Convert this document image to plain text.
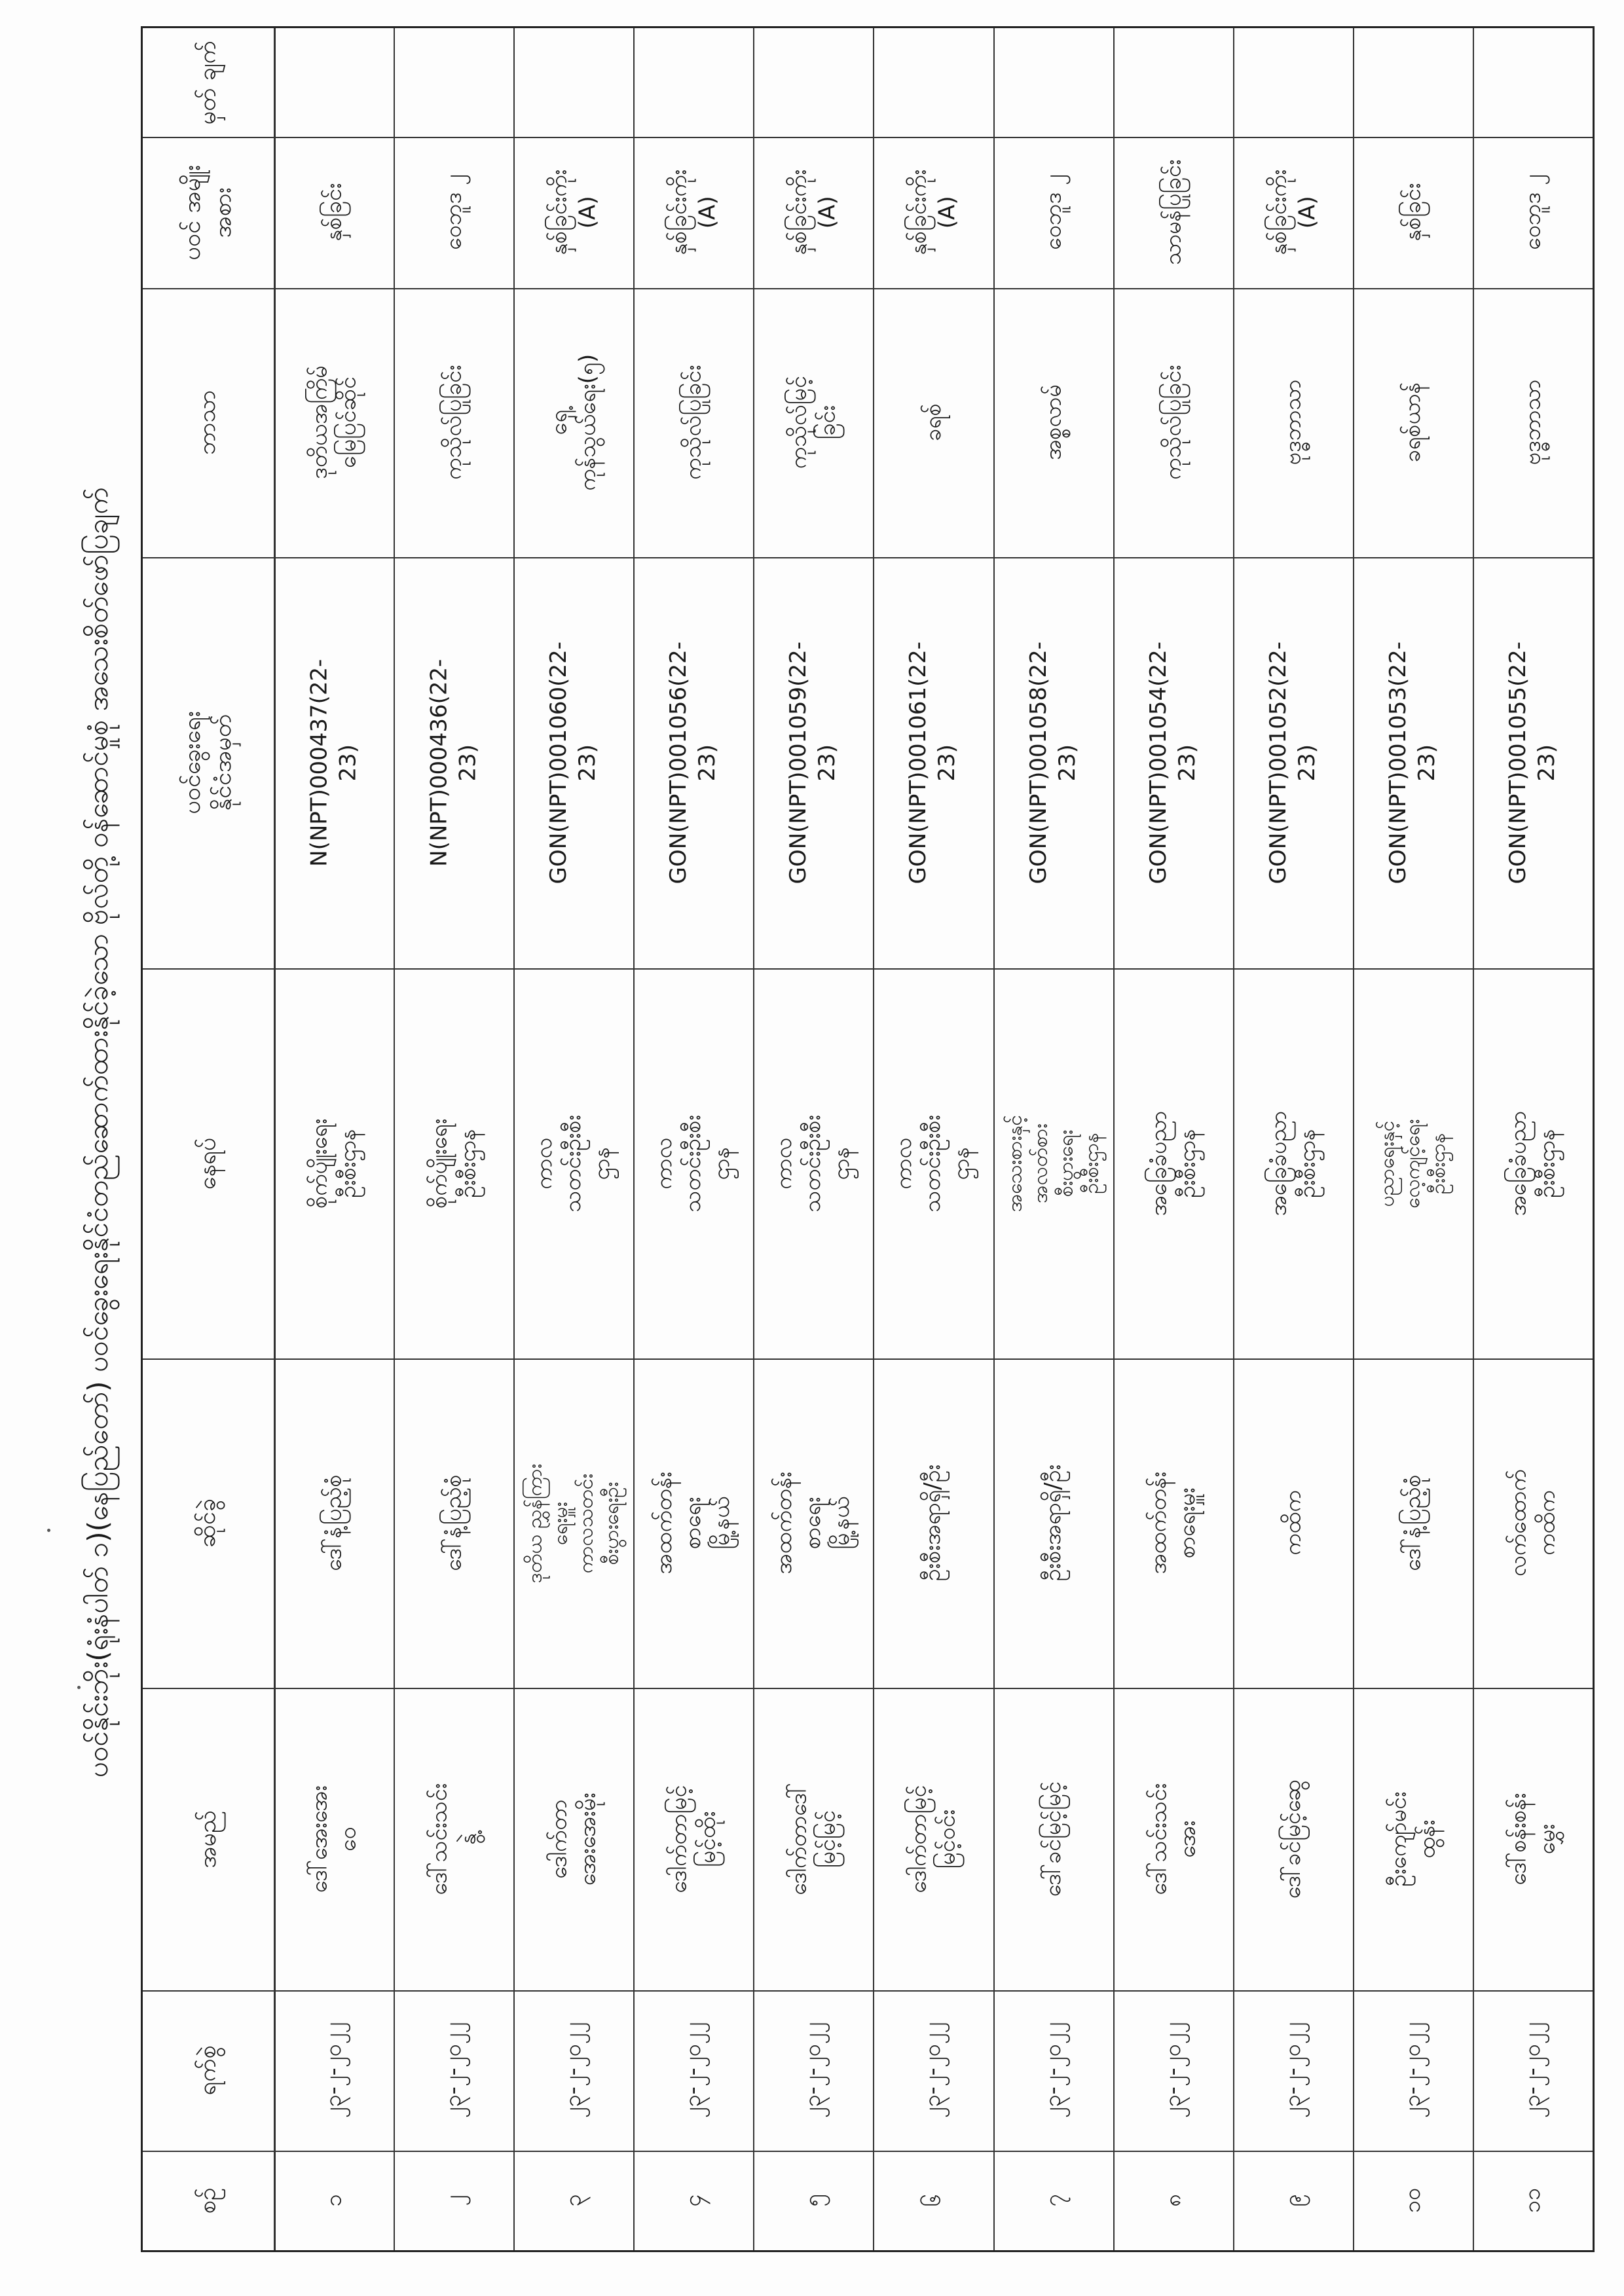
ပဝင်နိုင်းဘိုး(ရုံးနံပါတ် ၁)(နေပြည်တော်) ပဝင်ခွေးရေးနိုင်ငံတည်ဆောက်ထားနိုင်ခဲ့သော ဗိုလ်တို့ ဝန်ဆောင်မှုစုံ အသေးစိတ်ဖော်ပြချက်
မှတ် ချက်
ပဝင် အမျိုးအစား
ဘာသာ
ပဝင်ခွေးရေးနိုင်ငံအမှတ်
နေရပ်
ဆိုင်ခွဲ
အမည်
ရက်စွဲ
စဉ်
နှစ်ခြင်း
ဒုတိယအကြိမ်
မြေပြင်ဆိုင်
N(NPT)000437(22-23)
စိုက်ပျိုးရေးဦးစီးဌာန
ဒေါ်နံ့ပြည့်စုံ
ဒေါ်အေးအေးဝေ
၂၃-၂-၂၀၂၂
၁
ဝေဘူဒ ၂
ကုသိုလ်ပြုခြင်း
N(NPT)000436(22-23)
စိုက်ပျိုးရေးဦးစီးဌာန
ဒေါ်နံ့ပြည့်စုံ
ဒေါ်သင်းသင်းနွဲ့
၂၃-၂-၂၀၂၂
၂
နှစ်ခြင်းကိုး
(A)
ရှေ့ကုန်သွယ်ရေး(၅)
GON(NPT)001060(22-23)
ကာလသတင်းဦးစီးဌာန
ဒုတိယ ညွှန်ကြားရေးမှူး
ကာလသတင်းစီးပွားရေးဦး
ဒေါက်တာအေးအေးမိုး
၂၃-၂-၂၀၂၂
၃
နှစ်ခြင်းကိုး
(A)
ကုသိုလ်ပြုခြင်း
GON(NPT)001056(22-23)
ကာလသတင်းဦးစီးဌာန
အထက်တန်းစာရေး
မြို့နယ်
ဒေါက်တာမြင့်မြင့်ထိုး
၂၃-၂-၂၀၂၂
၄
နှစ်ခြင်းကိုး
(A)
ကုသိုလ်မြင့်ခြင်း
GON(NPT)001059(22-23)
ကာလသတင်းဦးစီးဌာန
အထက်တန်းစာရေး
မြို့နယ်
ဒေါက်တာဒေါ်မြင့်မြင့်
၂၃-၂-၂၀၂၂
၅
နှစ်ခြင်းကိုး
(A)
ခရစ်
GON(NPT)001061(22-23)
ကာလသတင်းဦးစီးဌာန
ဦးစီးအရာရှိ/ဦး
ဒေါက်တာမြင့်မြင့်ဝင်း
၂၃-၂-၂၀၂၂
၆
ဝေဘူဒ ၂
အစ္စလာမ်
GON(NPT)001058(22-23)
အသေးစားနှင့်အလတ်စားစီးပွားရေး
ဦးစီးဌာန
ဦးစီးအရာရှိ/ဦး
ဒေါ်ခင်မြင့်မြင့်
၂၃-၂-၂၀၂၂
၇
သာမန်ပြုခြင်း
ကုသိုလ်ပြုခြင်း
GON(NPT)001054(22-23)
အခြေခံပညာဦးစီးဌာန
အထက်တန်း
စာရေးမှူး
ဒေါ်သင်းသင်းအေး
၂၃-၂-၂၀၂၂
၈
နှစ်ခြင်းကိုး
(A)
ဗုဒ္ဓဘာသာ
GON(NPT)001052(22-23)
အခြေခံပညာဦးစီးဌာန
ကထိက
ဒေါ်ခင်မြင့်ဆွေ
၂၃-၂-၂၀၂၂
၉
နှစ်ခြင်း
ခရစ်ယာန်
GON(NPT)001053(22-23)
ပညာရေးနှင့်လေ့ကျင့်ရေးဦးစီးဌာန
ဒေါ်နံ့ပြည့်စုံ
ဦးကျော်မင်းထွန်း
၂၃-၂-၂၀၂၂
၁၀
ဝေဘူဒ ၂
ဗုဒ္ဓဘာသာ
GON(NPT)001055(22-23)
အခြေခံပညာဦးစီးဌာန
လက်ထောက်ကထိက
ဒေါ်စန်းစန်းမွှေး
၂၃-၂-၂၀၂၂
၁၁
